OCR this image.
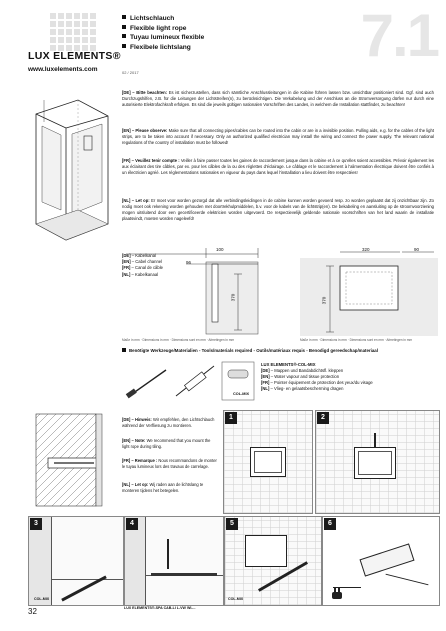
LUX ELEMENTS®
www.luxelements.com
Lichtschlauch
Flexible light rope
Tuyau lumineux flexible
Flexibele lichtslang
02 / 2017
7.1

[DE] – Bitte beachten: Es ist sicherzustellen, dass sich sämtliche Anschlussleitungen in die Kabine führen lassen bzw. unsichtbar positioniert sind. Ggf. sind auch Durchzugshilfen, z.B. für die Leitungen der Lichtstreifen(n), zu berücksichtigen. Die Verkabelung und der Anschluss an die Stromversorgung dürfen nur durch eine autorisierte Elektrofachkraft erfolgen. Es sind die jeweils gültigen nationalen Vorschriften des Landes, in welchem die Installation stattfindet, zu beachten!

[EN] – Please observe: Make sure that all connecting pipes/cables can be routed into the cabin or are in a invisible position. Pulling aids, e.g. for the cables of the light strips, are to be taken into account if necessary. Only an authorized qualified electrician may install the wiring and connect the power supply. The relevant national regulations of the country of installation must be followed!

[FR] – Veuillez tenir compte : Veiller à faire passer toutes les gaines de raccordement jusque dans la cabine et à ce qu'elles soient accessibles. Prévoir également les aux éclairant des tire câbles, par ex. pour les câbles de la ou des réglettes d'éclairage. Le câblage et le raccordement à l'alimentation électrique doivent être confiés à un électricien agréé. Les réglementations nationales en vigueur du pays dans lequel l'installation a lieu doivent être respectées!

[NL] – Let op: Er moet voor worden gezorgd dat alle verbindingsleidingen in de cabine kunnen worden gevoerd resp. zo worden geplaatst dat zij onzichtbaar zijn. Zo nodig moet ook rekening worden gehouden met doortrekhulpmiddelen, b.v. voor de kabels van de lichtstrip(en). De bekabeling en aansluiting op de stroomvoorziening mogen uitsluitend door een gecertificeerde elektricien worden uitgevoerd. De respectievelijk geldende nationale voorschriften van het land waarin de installatie plaatsvindt, moeten worden nageleefd!

[DE] – Kabelkanal
[EN] – Cabel channel
[FR] – Canal de câble
[NL] – Kabelkanaal
100
96
370
320	90
370
Maße in mm · Dimensions in mm · Dimensions sont en mm · Afmetingen in mm	Maße in mm · Dimensions in mm · Dimensions sont en mm · Afmetingen in mm
Benötigte Werkzeuge/Materialien - Tools/materials required - Outils/matériaux requis - Benodigd gereedschap/materiaal
COL-MIX
LUX ELEMENTS®-COL-MIX
[DE] – Mappen und Bandabdichtsfl. kleppen
[EN] – Water vapour and tissue protection
[FR] – Pointer équipement de protection des yeux/du visage
[NL] – Vlieg- en gelaatsbescherming dragen

[DE] – Hinweis: Wir empfehlen, den Lichtschlauch während der Verfliesung zu montieren.

[EN] – Note: We recommend that you mount the light rope during tiling.

[FR] – Remarque : Nous recommandons de monter le tuyau lumineux lors des travaux de carrelage.

[NL] – Let op: Wij raden aan de lichtslang te monteren tijdens het betegelen.

1	2
3
COL-MIX
4
LUX ELEMENTS®-SPA CAB-LI L-VW WI-...
5
COL-MIX
6
32
